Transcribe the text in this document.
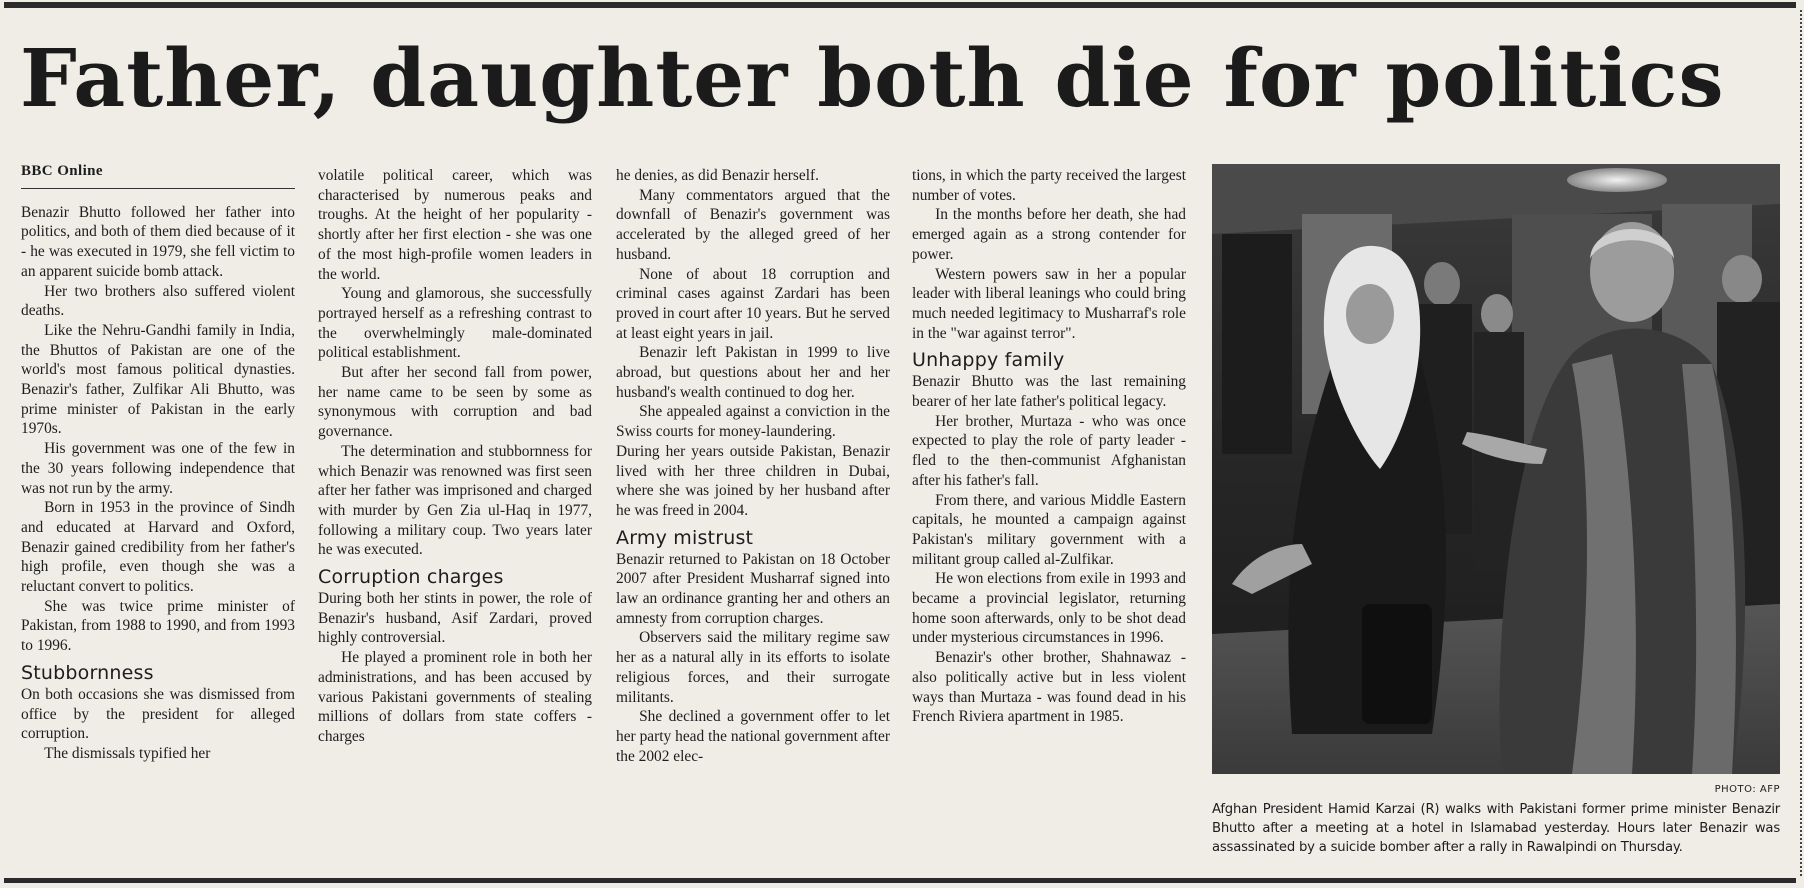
Father, daughter both die for politics
BBC Online

Benazir Bhutto followed her father into politics, and both of them died because of it - he was executed in 1979, she fell victim to an apparent suicide bomb attack.

Her two brothers also suffered violent deaths.

Like the Nehru-Gandhi family in India, the Bhuttos of Pakistan are one of the world's most famous political dynasties. Benazir's father, Zulfikar Ali Bhutto, was prime minister of Pakistan in the early 1970s.

His government was one of the few in the 30 years following independence that was not run by the army.

Born in 1953 in the province of Sindh and educated at Harvard and Oxford, Benazir gained credibility from her father's high profile, even though she was a reluctant convert to politics.

She was twice prime minister of Pakistan, from 1988 to 1990, and from 1993 to 1996.

Stubbornness

On both occasions she was dismissed from office by the president for alleged corruption.

The dismissals typified her

volatile political career, which was characterised by numerous peaks and troughs. At the height of her popularity - shortly after her first election - she was one of the most high-profile women leaders in the world.

Young and glamorous, she successfully portrayed herself as a refreshing contrast to the overwhelmingly male-dominated political establishment.

But after her second fall from power, her name came to be seen by some as synonymous with corruption and bad governance.

The determination and stubbornness for which Benazir was renowned was first seen after her father was imprisoned and charged with murder by Gen Zia ul-Haq in 1977, following a military coup. Two years later he was executed.

Corruption charges

During both her stints in power, the role of Benazir's husband, Asif Zardari, proved highly controversial.

He played a prominent role in both her administrations, and has been accused by various Pakistani governments of stealing millions of dollars from state coffers - charges

he denies, as did Benazir herself.

Many commentators argued that the downfall of Benazir's government was accelerated by the alleged greed of her husband.

None of about 18 corruption and criminal cases against Zardari has been proved in court after 10 years. But he served at least eight years in jail.

Benazir left Pakistan in 1999 to live abroad, but questions about her and her husband's wealth continued to dog her.

She appealed against a conviction in the Swiss courts for money-laundering.

During her years outside Pakistan, Benazir lived with her three children in Dubai, where she was joined by her husband after he was freed in 2004.

Army mistrust

Benazir returned to Pakistan on 18 October 2007 after President Musharraf signed into law an ordinance granting her and others an amnesty from corruption charges.

Observers said the military regime saw her as a natural ally in its efforts to isolate religious forces, and their surrogate militants.

She declined a government offer to let her party head the national government after the 2002 elec-

tions, in which the party received the largest number of votes.

In the months before her death, she had emerged again as a strong contender for power.

Western powers saw in her a popular leader with liberal leanings who could bring much needed legitimacy to Musharraf's role in the "war against terror".

Unhappy family

Benazir Bhutto was the last remaining bearer of her late father's political legacy.

Her brother, Murtaza - who was once expected to play the role of party leader - fled to the then-communist Afghanistan after his father's fall.

From there, and various Middle Eastern capitals, he mounted a campaign against Pakistan's military government with a militant group called al-Zulfikar.

He won elections from exile in 1993 and became a provincial legislator, returning home soon afterwards, only to be shot dead under mysterious circumstances in 1996.

Benazir's other brother, Shahnawaz - also politically active but in less violent ways than Murtaza - was found dead in his French Riviera apartment in 1985.

PHOTO: AFP
Afghan President Hamid Karzai (R) walks with Pakistani former prime minister Benazir Bhutto after a meeting at a hotel in Islamabad yesterday. Hours later Benazir was assassinated by a suicide bomber after a rally in Rawalpindi on Thursday.
